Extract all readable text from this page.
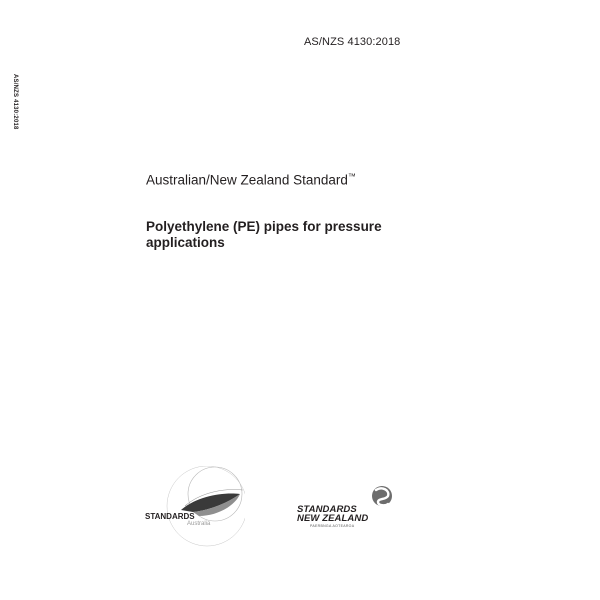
AS/NZS 4130:2018
AS/NZS 4130:2018
Australian/New Zealand Standard™
Polyethylene (PE) pipes for pressure applications
STANDARDS
Australia
STANDARDS
NEW ZEALAND
PAERBNGA AOTEAROA
